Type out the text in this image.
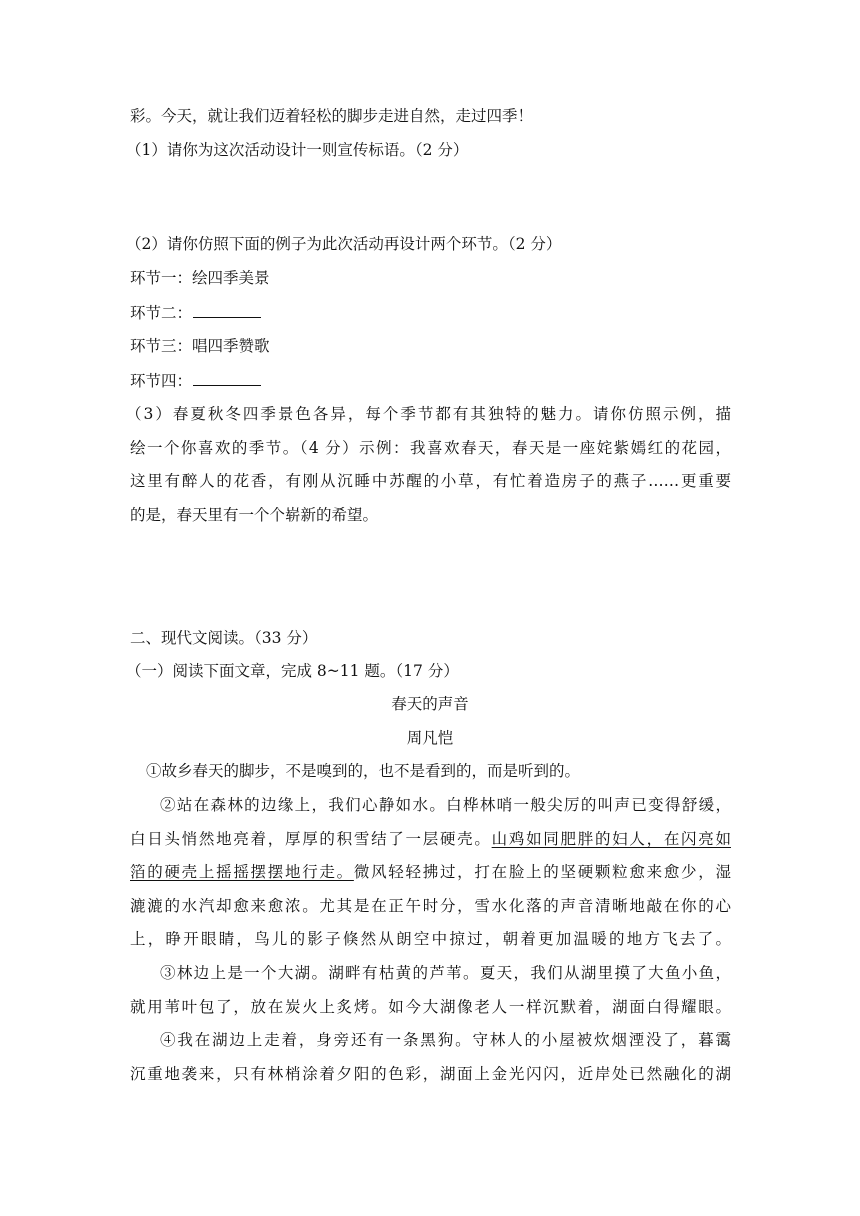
彩。今天，就让我们迈着轻松的脚步走进自然，走过四季！
（1）请你为这次活动设计一则宣传标语。（2 分）
（2）请你仿照下面的例子为此次活动再设计两个环节。（2 分）
环节一：绘四季美景
环节二：
环节三：唱四季赞歌
环节四：
（3）春夏秋冬四季景色各异，每个季节都有其独特的魅力。请你仿照示例，描
绘一个你喜欢的季节。（4 分）示例：我喜欢春天，春天是一座姹紫嫣红的花园，
这里有醉人的花香，有刚从沉睡中苏醒的小草，有忙着造房子的燕子……更重要
的是，春天里有一个个崭新的希望。
二、现代文阅读。（33 分）
（一）阅读下面文章，完成 8~11 题。（17 分）
春天的声音
周凡恺
①故乡春天的脚步，不是嗅到的，也不是看到的，而是听到的。
②站在森林的边缘上，我们心静如水。白桦林哨一般尖厉的叫声已变得舒缓，
白日头悄然地亮着，厚厚的积雪结了一层硬壳。山鸡如同肥胖的妇人，在闪亮如
箔的硬壳上摇摇摆摆地行走。微风轻轻拂过，打在脸上的坚硬颗粒愈来愈少，湿
漉漉的水汽却愈来愈浓。尤其是在正午时分，雪水化落的声音清晰地敲在你的心
上，睁开眼睛，鸟儿的影子倏然从朗空中掠过，朝着更加温暖的地方飞去了。
③林边上是一个大湖。湖畔有枯黄的芦苇。夏天，我们从湖里摸了大鱼小鱼，
就用苇叶包了，放在炭火上炙烤。如今大湖像老人一样沉默着，湖面白得耀眼。
④我在湖边上走着，身旁还有一条黑狗。守林人的小屋被炊烟湮没了，暮霭
沉重地袭来，只有林梢涂着夕阳的色彩，湖面上金光闪闪，近岸处已然融化的湖
